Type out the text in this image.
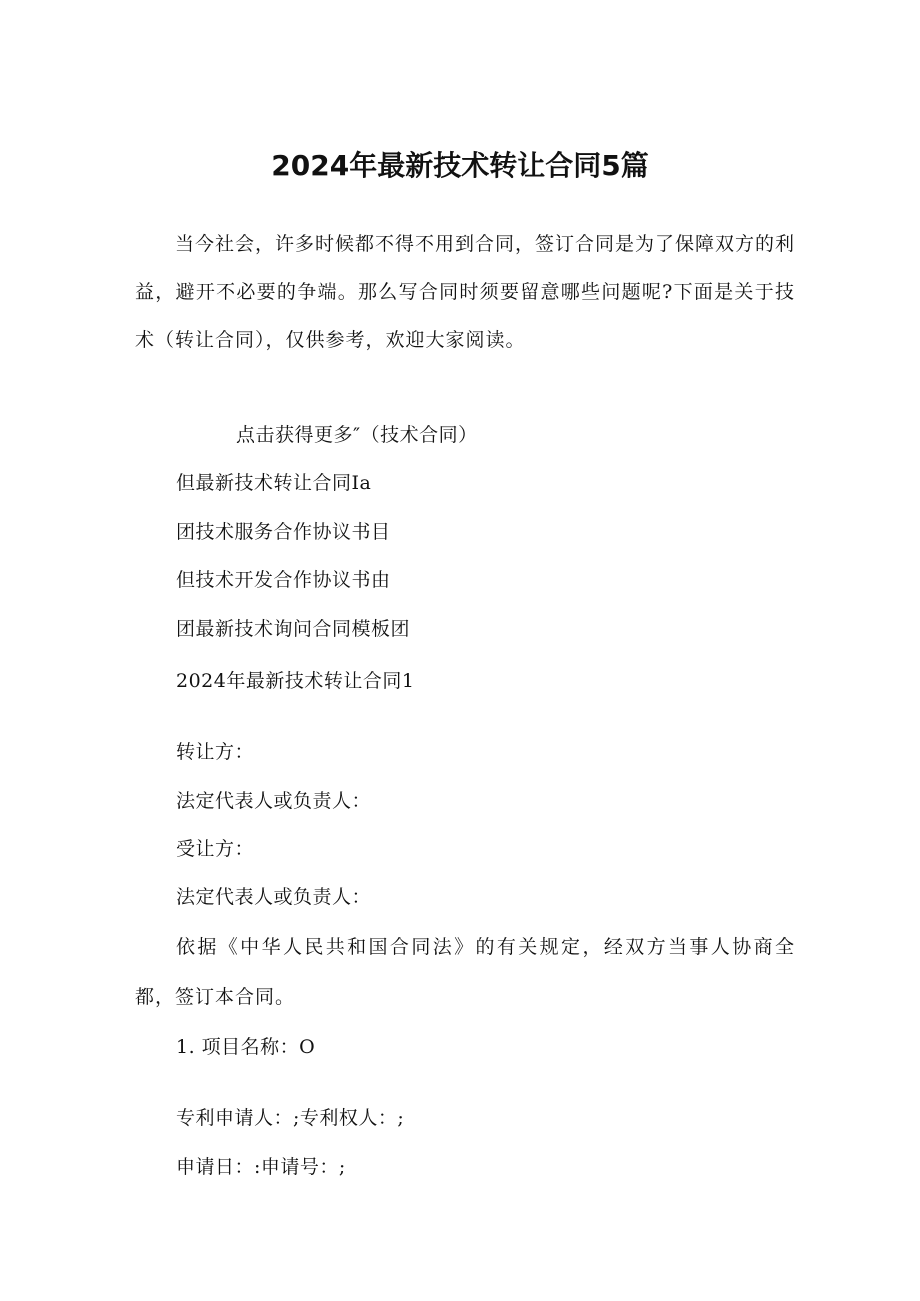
2024年最新技术转让合同5篇

当今社会，许多时候都不得不用到合同，签订合同是为了保障双方的利益，避开不必要的争端。那么写合同时须要留意哪些问题呢?下面是关于技术（转让合同），仅供参考，欢迎大家阅读。

点击获得更多″（技术合同）

但最新技术转让合同Ia

团技术服务合作协议书目

但技术开发合作协议书由

团最新技术询问合同模板团

2024年最新技术转让合同1

转让方：

法定代表人或负责人：

受让方：

法定代表人或负责人：

依据《中华人民共和国合同法》的有关规定，经双方当事人协商全都，签订本合同。

1. 项目名称：O

专利申请人：;专利权人：;

申请日：:申请号：;
